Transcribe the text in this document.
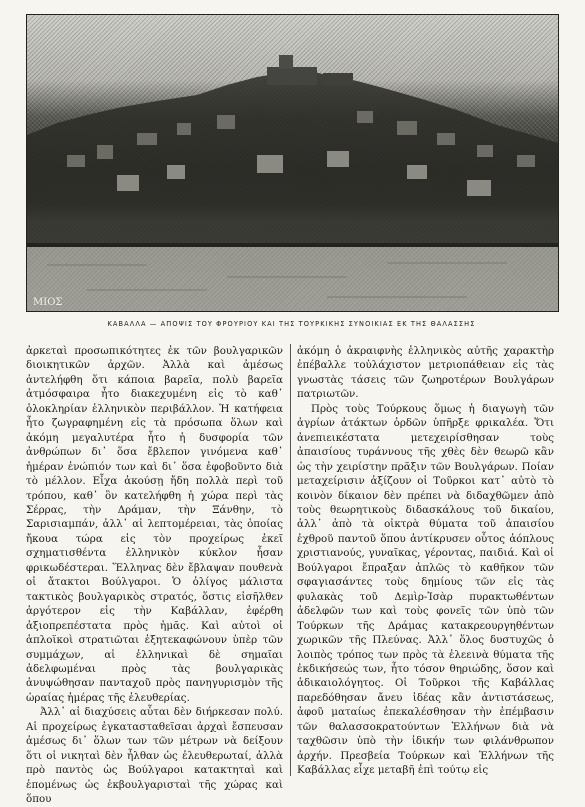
ΜΙΟΣ
ΚΑΒΑΛΛΑ — ΑΠΟΨΙΣ ΤΟΥ ΦΡΟΥΡΙΟΥ ΚΑΙ ΤΗΣ ΤΟΥΡΚΙΚΗΣ ΣΥΝΟΙΚΙΑΣ ΕΚ ΤΗΣ ΘΑΛΑΣΣΗΣ

ἀρκεταὶ προσωπικότητες ἐκ τῶν βουλγαρικῶν διοικητικῶν ἀρχῶν. Ἀλλὰ καὶ ἀμέσως ἀντελήφθη ὅτι κάποια βαρεῖα, πολὺ βαρεῖα ἀτμόσφαιρα ἦτο διακεχυμένη εἰς τὸ καθ᾽ ὁλοκληρίαν ἑλληνικὸν περιβάλλον. Ἡ κατήφεια ἦτο ζωγραφημένη εἰς τὰ πρόσωπα ὅλων καὶ ἀκόμη μεγαλυτέρα ἦτο ἡ δυσφορία τῶν ἀνθρώπων δι᾽ ὅσα ἔβλεπον γινόμενα καθ᾽ ἡμέραν ἐνώπιόν των καὶ δι᾽ ὅσα ἐφοβοῦντο διὰ τὸ μέλλον. Εἶχα ἀκούσῃ ἤδη πολλὰ περὶ τοῦ τρόπου, καθ᾽ ὃν κατελήφθη ἡ χώρα περὶ τὰς Σέρρας, τὴν Δράμαν, τὴν Ξάνθην, τὸ Σαρισιαμπάν, ἀλλ᾽ αἱ λεπτομέρειαι, τὰς ὁποίας ἤκουα τώρα εἰς τὸν προχείρως ἐκεῖ σχηματισθέντα ἑλληνικὸν κύκλον ἦσαν φρικωδέστεραι. Ἕλληνας δὲν ἔβλαψαν πουθενὰ οἱ ἄτακτοι Βούλγαροι. Ὁ ὀλίγος μάλιστα τακτικὸς βουλγαρικὸς στρατός, ὅστις εἰσῆλθεν ἀργότερον εἰς τὴν Καβάλλαν, ἐφέρθη ἀξιοπρεπέστατα πρὸς ἡμᾶς. Καὶ αὐτοὶ οἱ ἁπλοϊκοὶ στρατιῶται ἐξητεκαφώνουν ὑπὲρ τῶν συμμάχων, αἱ ἑλληνικαὶ δὲ σημαῖαι ἀδελφωμέναι πρὸς τὰς βουλγαρικὰς ἀνυψώθησαν πανταχοῦ πρὸς πανηγυρισμὸν τῆς ὡραίας ἡμέρας τῆς ἐλευθερίας.

Ἀλλ᾽ αἱ διαχύσεις αὗται δὲν διήρκεσαν πολύ. Αἱ προχείρως ἐγκατασταθεῖσαι ἀρχαὶ ἔσπευσαν ἀμέσως δι᾽ ὅλων των τῶν μέτρων νὰ δείξουν ὅτι οἱ νικηταὶ δὲν ἦλθαν ὡς ἐλευθερωταί, ἀλλὰ πρὸ παντὸς ὡς Βούλγαροι κατακτηταὶ καὶ ἑπομένως ὡς ἐκβουλγαρισταὶ τῆς χώρας καὶ ὅπου

ἀκόμη ὁ ἀκραιφνὴς ἑλληνικὸς αὐτῆς χαρακτὴρ ἐπέβαλλε τοὐλάχιστον μετριοπάθειαν εἰς τὰς γνωστὰς τάσεις τῶν ζωηροτέρων Βουλγάρων πατριωτῶν.

Πρὸς τοὺς Τούρκους ὅμως ἡ διαγωγὴ τῶν ἀγρίων ἀτάκτων ὀρδῶν ὑπῆρξε φρικαλέα. Ὅτι ἀνεπιεικέστατα μετεχειρίσθησαν τοὺς ἀπαισίους τυράννους τῆς χθὲς δὲν θεωρῶ κἂν ὡς τὴν χειρίστην πρᾶξιν τῶν Βουλγάρων. Ποίαν μεταχείρισιν ἀξίζουν οἱ Τοῦρκοι κατ᾽ αὐτὸ τὸ κοινὸν δίκαιον δὲν πρέπει νὰ διδαχθῶμεν ἀπὸ τοὺς θεωρητικοὺς διδασκάλους τοῦ δικαίου, ἀλλ᾽ ἀπὸ τὰ οἰκτρὰ θύματα τοῦ ἀπαισίου ἐχθροῦ παντοῦ ὅπου ἀντίκρυσεν οὗτος ἀόπλους χριστιανούς, γυναῖκας, γέροντας, παιδιά. Καὶ οἱ Βούλγαροι ἔπραξαν ἁπλῶς τὸ καθῆκον τῶν σφαγιασάντες τοὺς δημίους τῶν εἰς τὰς φυλακὰς τοῦ Δεμὶρ-Ἰσὰρ πυρακτωθέντων ἀδελφῶν των καὶ τοὺς φονεῖς τῶν ὑπὸ τῶν Τούρκων τῆς Δράμας κατακρεουργηθέντων χωρικῶν τῆς Πλεύνας. Ἀλλ᾽ ὅλος δυστυχῶς ὁ λοιπὸς τρόπος των πρὸς τὰ ἐλεεινὰ θύματα τῆς ἐκδικήσεώς των, ἦτο τόσον θηριώδης, ὅσον καὶ ἀδικαιολόγητος. Οἱ Τοῦρκοι τῆς Καβάλλας παρεδόθησαν ἄνευ ἰδέας κἂν ἀντιστάσεως, ἀφοῦ ματαίως ἐπεκαλέσθησαν τὴν ἐπέμβασιν τῶν θαλασσοκρατούντων Ἑλλήνων διὰ νὰ ταχθῶσιν ὑπὸ τὴν ἰδικήν των φιλάνθρωπον ἀρχήν. Πρεσβεία Τούρκων καὶ Ἑλλήνων τῆς Καβάλλας εἶχε μεταβῆ ἐπὶ τούτῳ εἰς
